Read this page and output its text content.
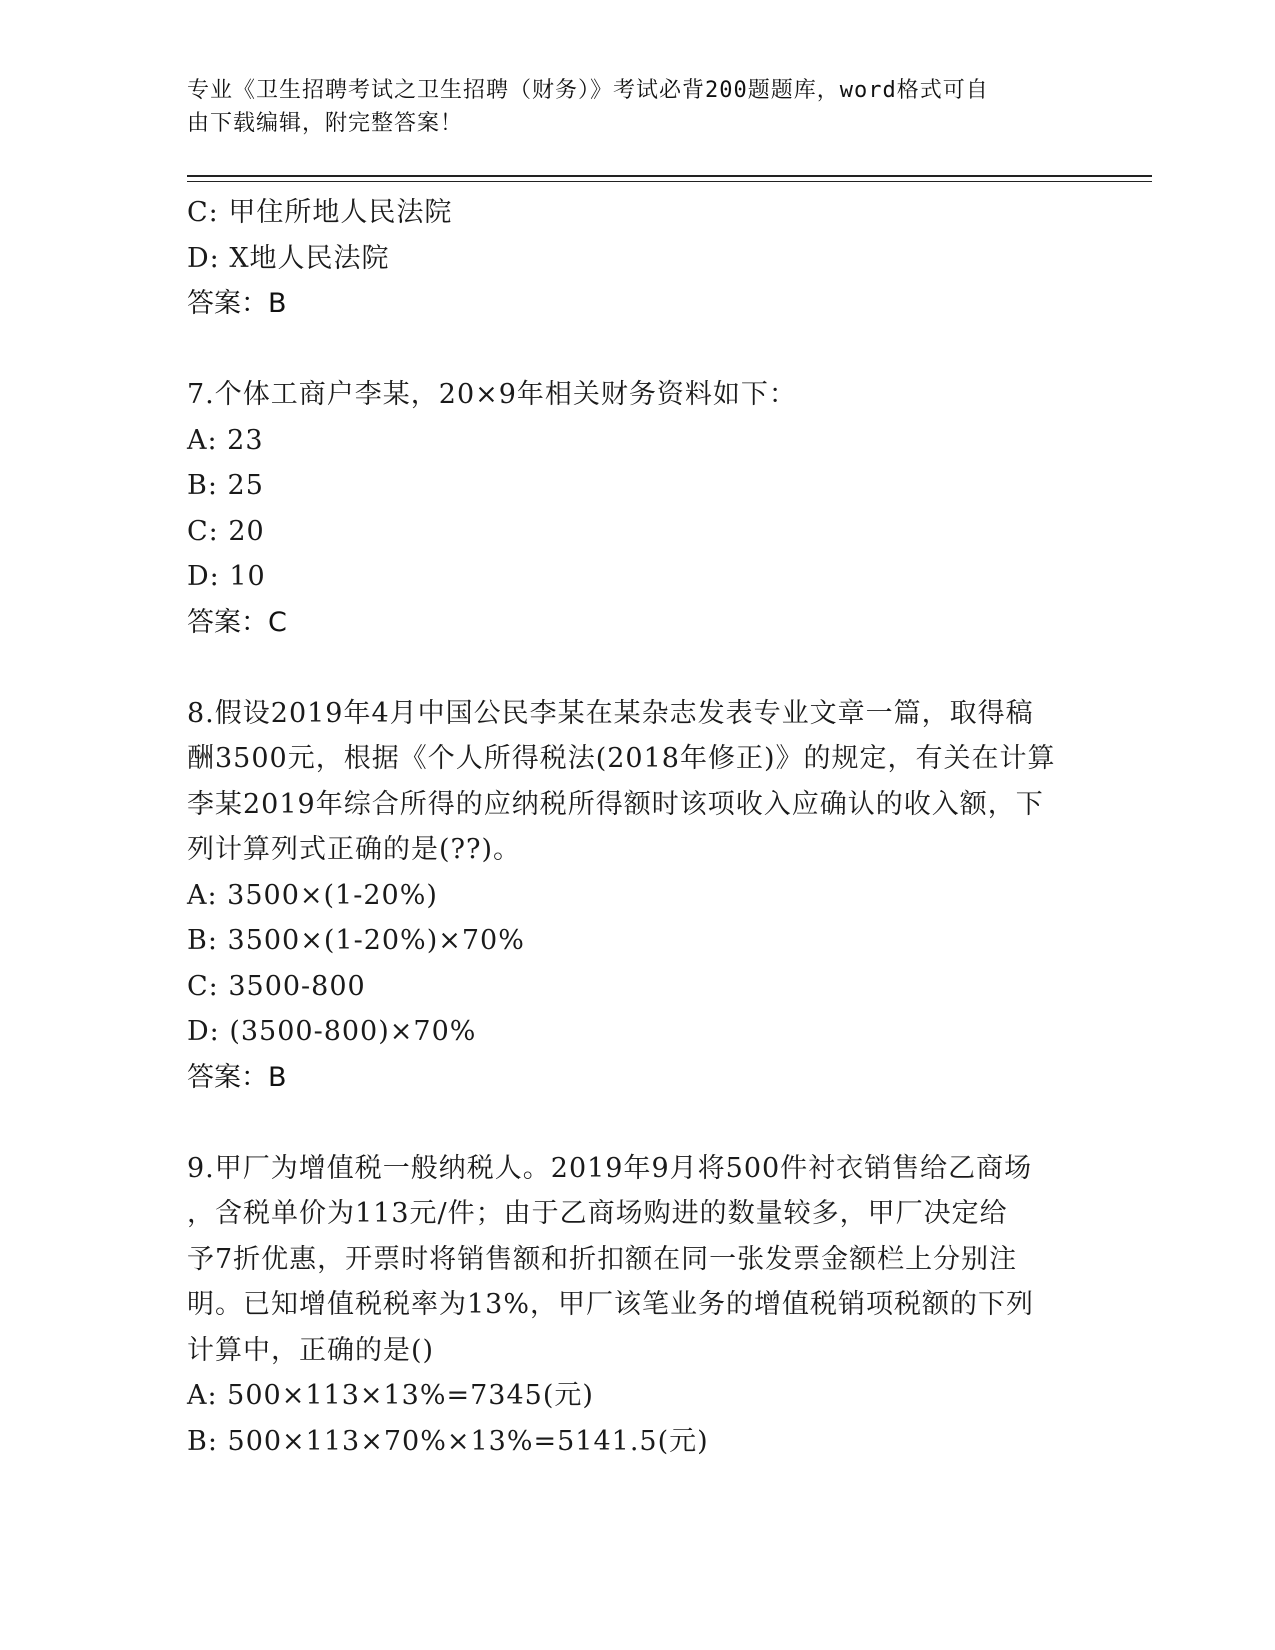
专业《卫生招聘考试之卫生招聘（财务）》考试必背200题题库，word格式可自
由下载编辑，附完整答案！
C: 甲住所地人民法院
D: X地人民法院
答案：B
7.个体工商户李某，20×9年相关财务资料如下：
A: 23
B: 25
C: 20
D: 10
答案：C
8.假设2019年4月中国公民李某在某杂志发表专业文章一篇，取得稿
酬3500元，根据《个人所得税法(2018年修正)》的规定，有关在计算
李某2019年综合所得的应纳税所得额时该项收入应确认的收入额，下
列计算列式正确的是(??)。
A: 3500×(1-20%)
B: 3500×(1-20%)×70%
C: 3500-800
D: (3500-800)×70%
答案：B
9.甲厂为增值税一般纳税人。2019年9月将500件衬衣销售给乙商场
，含税单价为113元/件；由于乙商场购进的数量较多，甲厂决定给
予7折优惠，开票时将销售额和折扣额在同一张发票金额栏上分别注
明。已知增值税税率为13%，甲厂该笔业务的增值税销项税额的下列
计算中，正确的是()
A: 500×113×13%=7345(元)
B: 500×113×70%×13%=5141.5(元)
